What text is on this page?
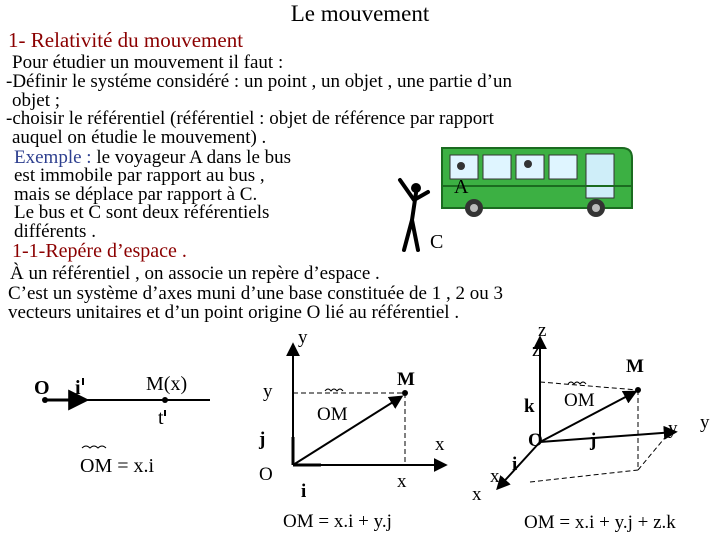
Le mouvement
1- Relativité du mouvement
Pour étudier un mouvement il faut :
-Définir le systéme considéré : un point , un objet , une partie d’un
objet ;
-choisir le référentiel (référentiel : objet de référence par rapport
auquel on étudie le mouvement) .
Exemple : le voyageur A dans le bus
est immobile par rapport au bus ,
mais se déplace par rapport à C.
Le bus et C sont deux référentiels
différents .
1-1-Repére d’espace .
À un référentiel , on associe un repère d’espace .
C’est un système d’axes muni d’une base constituée de 1 , 2 ou 3
vecteurs unitaires et d’un point origine O lié au référentiel .
A
C
O i	M(x)
t
OM = x.i
y
y
M
OM
j	x
O	x
i
OM = x.i + y.j
z
z
M
OM
k
O j
y y
i
x
x
OM = x.i + y.j + z.k
